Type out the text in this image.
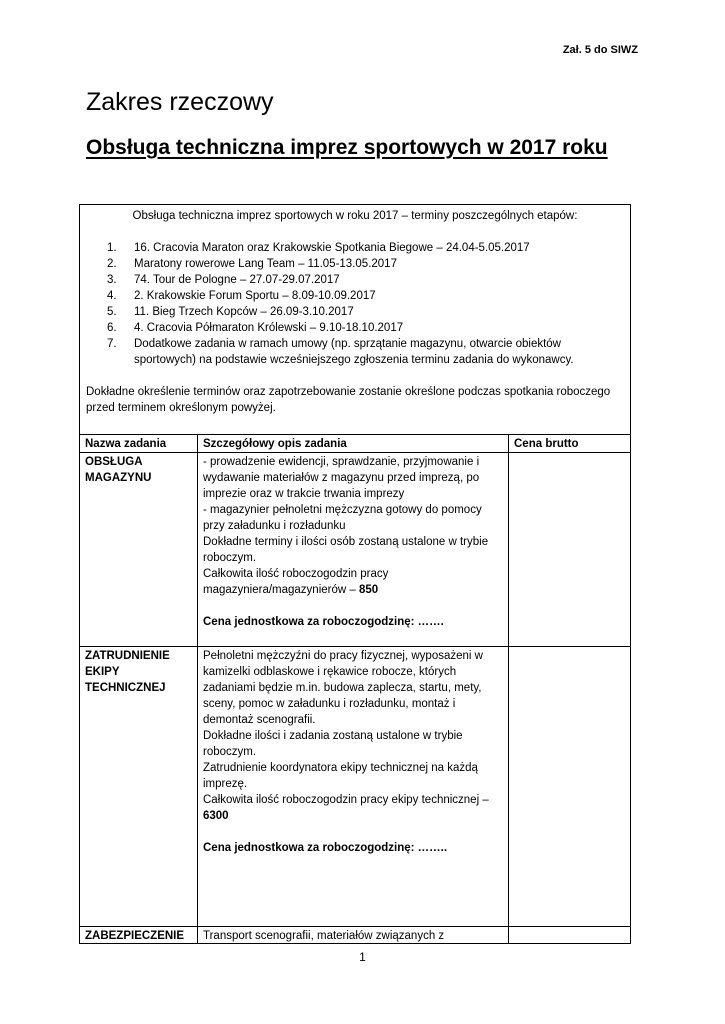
Zał. 5 do SIWZ
Zakres rzeczowy
Obsługa techniczna imprez sportowych w 2017 roku
Obsługa techniczna imprez sportowych w roku 2017 – terminy poszczególnych etapów:
1.	16. Cracovia Maraton oraz Krakowskie Spotkania Biegowe – 24.04-5.05.2017
2.	Maratony rowerowe Lang Team – 11.05-13.05.2017
3.	74. Tour de Pologne – 27.07-29.07.2017
4.	2. Krakowskie Forum Sportu – 8.09-10.09.2017
5.	11. Bieg Trzech Kopców – 26.09-3.10.2017
6.	4. Cracovia Półmaraton Królewski – 9.10-18.10.2017
7.	Dodatkowe zadania w ramach umowy (np. sprzątanie magazynu, otwarcie obiektów sportowych) na podstawie wcześniejszego zgłoszenia terminu zadania do wykonawcy.
Dokładne określenie terminów oraz zapotrzebowanie zostanie określone podczas spotkania roboczego przed terminem określonym powyżej.
Nazwa zadania	Szczegółowy opis zadania	Cena brutto
OBSŁUGA MAGAZYNU	- prowadzenie ewidencji, sprawdzanie, przyjmowanie i wydawanie materiałów z magazynu przed imprezą, po imprezie oraz w trakcie trwania imprezy
- magazynier pełnoletni mężczyzna gotowy do pomocy przy załadunku i rozładunku
Dokładne terminy i ilości osób zostaną ustalone w trybie roboczym.
Całkowita ilość roboczogodzin pracy magazyniera/magazynierów – 850
Cena jednostkowa za roboczogodzinę: …….	

ZATRUDNIENIE EKIPY TECHNICZNEJ	Pełnoletni mężczyźni do pracy fizycznej, wyposażeni w kamizelki odblaskowe i rękawice robocze, których zadaniami będzie m.in. budowa zaplecza, startu, mety, sceny, pomoc w załadunku i rozładunku, montaż i demontaż scenografii.
Dokładne ilości i zadania zostaną ustalone w trybie roboczym.
Zatrudnienie koordynatora ekipy technicznej na każdą imprezę.
Całkowita ilość roboczogodzin pracy ekipy technicznej – 6300
Cena jednostkowa za roboczogodzinę: ……..	

ZABEZPIECZENIE	Transport scenografii, materiałów związanych z	
1
